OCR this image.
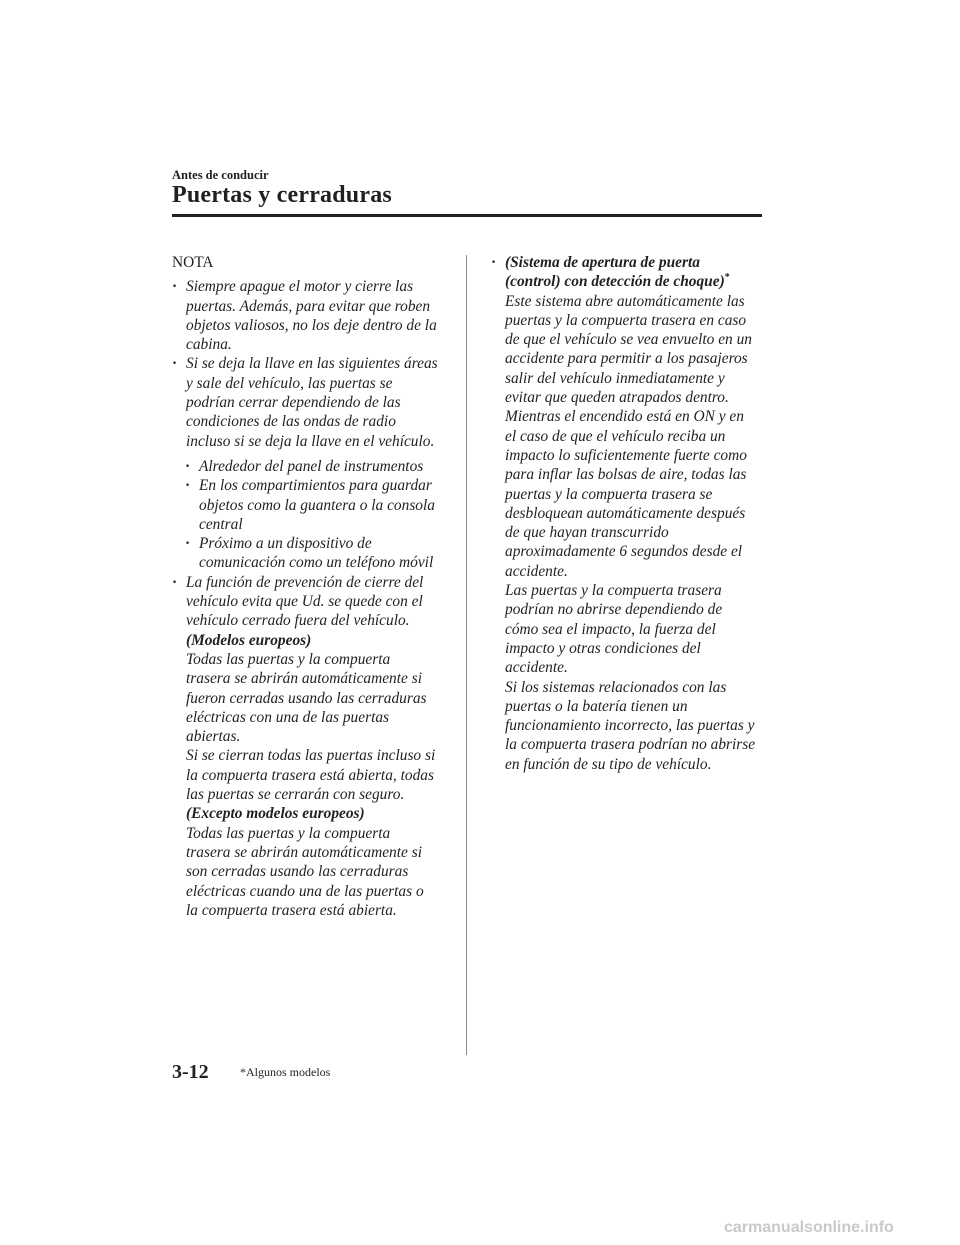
Antes de conducir
Puertas y cerraduras
NOTA
· Siempre apague el motor y cierre las
puertas. Además, para evitar que roben
objetos valiosos, no los deje dentro de la
cabina.
· Si se deja la llave en las siguientes áreas
y sale del vehículo, las puertas se
podrían cerrar dependiendo de las
condiciones de las ondas de radio
incluso si se deja la llave en el vehículo.
· Alrededor del panel de instrumentos
· En los compartimientos para guardar
objetos como la guantera o la consola
central
· Próximo a un dispositivo de
comunicación como un teléfono móvil
· La función de prevención de cierre del
vehículo evita que Ud. se quede con el
vehículo cerrado fuera del vehículo.
(Modelos europeos)
Todas las puertas y la compuerta
trasera se abrirán automáticamente si
fueron cerradas usando las cerraduras
eléctricas con una de las puertas
abiertas.
Si se cierran todas las puertas incluso si
la compuerta trasera está abierta, todas
las puertas se cerrarán con seguro.
(Excepto modelos europeos)
Todas las puertas y la compuerta
trasera se abrirán automáticamente si
son cerradas usando las cerraduras
eléctricas cuando una de las puertas o
la compuerta trasera está abierta.
· (Sistema de apertura de puerta
(control) con detección de choque)*
Este sistema abre automáticamente las
puertas y la compuerta trasera en caso
de que el vehículo se vea envuelto en un
accidente para permitir a los pasajeros
salir del vehículo inmediatamente y
evitar que queden atrapados dentro.
Mientras el encendido está en ON y en
el caso de que el vehículo reciba un
impacto lo suficientemente fuerte como
para inflar las bolsas de aire, todas las
puertas y la compuerta trasera se
desbloquean automáticamente después
de que hayan transcurrido
aproximadamente 6 segundos desde el
accidente.
Las puertas y la compuerta trasera
podrían no abrirse dependiendo de
cómo sea el impacto, la fuerza del
impacto y otras condiciones del
accidente.
Si los sistemas relacionados con las
puertas o la batería tienen un
funcionamiento incorrecto, las puertas y
la compuerta trasera podrían no abrirse
en función de su tipo de vehículo.
3-12	*Algunos modelos
carmanualsonline.info
